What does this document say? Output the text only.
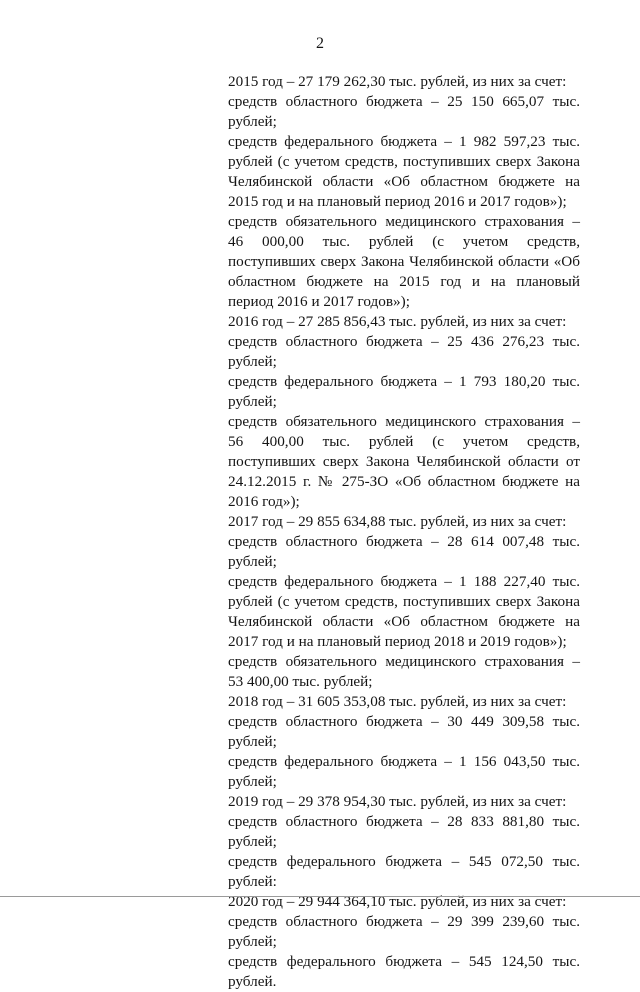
2

2015 год – 27 179 262,30 тыс. рублей, из них за счет:

средств областного бюджета – 25 150 665,07 тыс. рублей;

средств федерального бюджета – 1 982 597,23 тыс. рублей (с учетом средств, поступивших сверх Закона Челябинской области «Об областном бюджете на 2015 год и на плановый период 2016 и 2017 годов»);

средств обязательного медицинского страхования – 46 000,00 тыс. рублей (с учетом средств, поступивших сверх Закона Челябинской области «Об областном бюджете на 2015 год и на плановый период 2016 и 2017 годов»);

2016 год – 27 285 856,43 тыс. рублей, из них за счет:

средств областного бюджета – 25 436 276,23 тыс. рублей;

средств федерального бюджета – 1 793 180,20 тыс. рублей;

средств обязательного медицинского страхования – 56 400,00 тыс. рублей (с учетом средств, поступивших сверх Закона Челябинской области от 24.12.2015 г. № 275-ЗО «Об областном бюджете на 2016 год»);

2017 год – 29 855 634,88 тыс. рублей, из них за счет:

средств областного бюджета – 28 614 007,48 тыс. рублей;

средств федерального бюджета – 1 188 227,40 тыс. рублей (с учетом средств, поступивших сверх Закона Челябинской области «Об областном бюджете на 2017 год и на плановый период 2018 и 2019 годов»);

средств обязательного медицинского страхования – 53 400,00 тыс. рублей;

2018 год – 31 605 353,08 тыс. рублей, из них за счет:

средств областного бюджета – 30 449 309,58 тыс. рублей;

средств федерального бюджета – 1 156 043,50 тыс. рублей;

2019 год – 29 378 954,30 тыс. рублей, из них за счет:

средств областного бюджета – 28 833 881,80 тыс. рублей;

средств федерального бюджета – 545 072,50 тыс. рублей:

2020 год – 29 944 364,10 тыс. рублей, из них за счет:

средств областного бюджета – 29 399 239,60 тыс. рублей;

средств федерального бюджета – 545 124,50 тыс. рублей.
